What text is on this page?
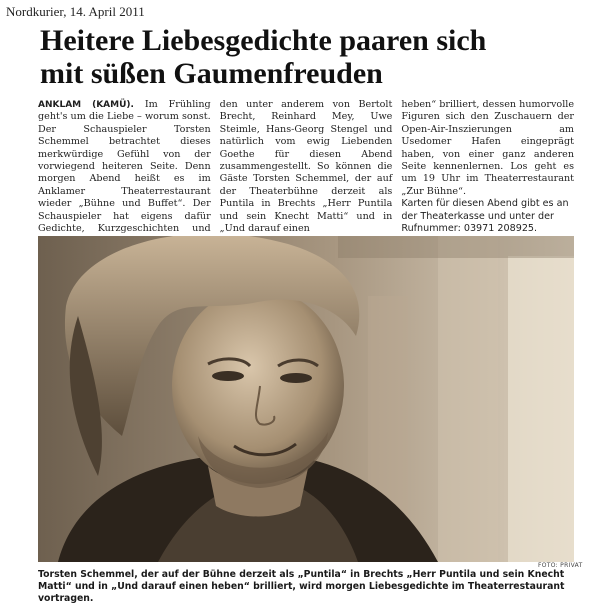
Nordkurier, 14. April 2011
Heitere Liebesgedichte paaren sich
mit süßen Gaumenfreuden
ANKLAM (KAMÜ). Im Frühling geht's um die Liebe – worum sonst. Der Schauspieler Torsten Schemmel betrachtet dieses merkwürdige Gefühl von der vorwiegend heiteren Seite. Denn morgen Abend heißt es im Anklamer Theaterrestaurant wieder „Bühne und Buffet“. Der Schauspieler hat eigens dafür Gedichte, Kurzgeschichten und
den unter anderem von Bertolt Brecht, Reinhard Mey, Uwe Steimle, Hans-Georg Stengel und natürlich vom ewig Liebenden Goethe für diesen Abend zusammengestellt. So können die Gäste Torsten Schemmel, der auf der Theaterbühne derzeit als Puntila in Brechts „Herr Puntila und sein Knecht Matti“ und in „Und darauf einen
heben“ brilliert, dessen humorvolle Figuren sich den Zuschauern der Open-Air-Inszierungen am Usedomer Hafen eingeprägt haben, von einer ganz anderen Seite kennenlernen. Los geht es um 19 Uhr im Theaterrestaurant „Zur Bühne“.
Karten für diesen Abend gibt es an der Theaterkasse und unter der Rufnummer: 03971 208925.
FOTO: PRIVAT
Torsten Schemmel, der auf der Bühne derzeit als „Puntila“ in Brechts „Herr Puntila und sein Knecht Matti“ und in „Und darauf einen heben“ brilliert, wird morgen Liebesgedichte im Theaterrestaurant vortragen.
